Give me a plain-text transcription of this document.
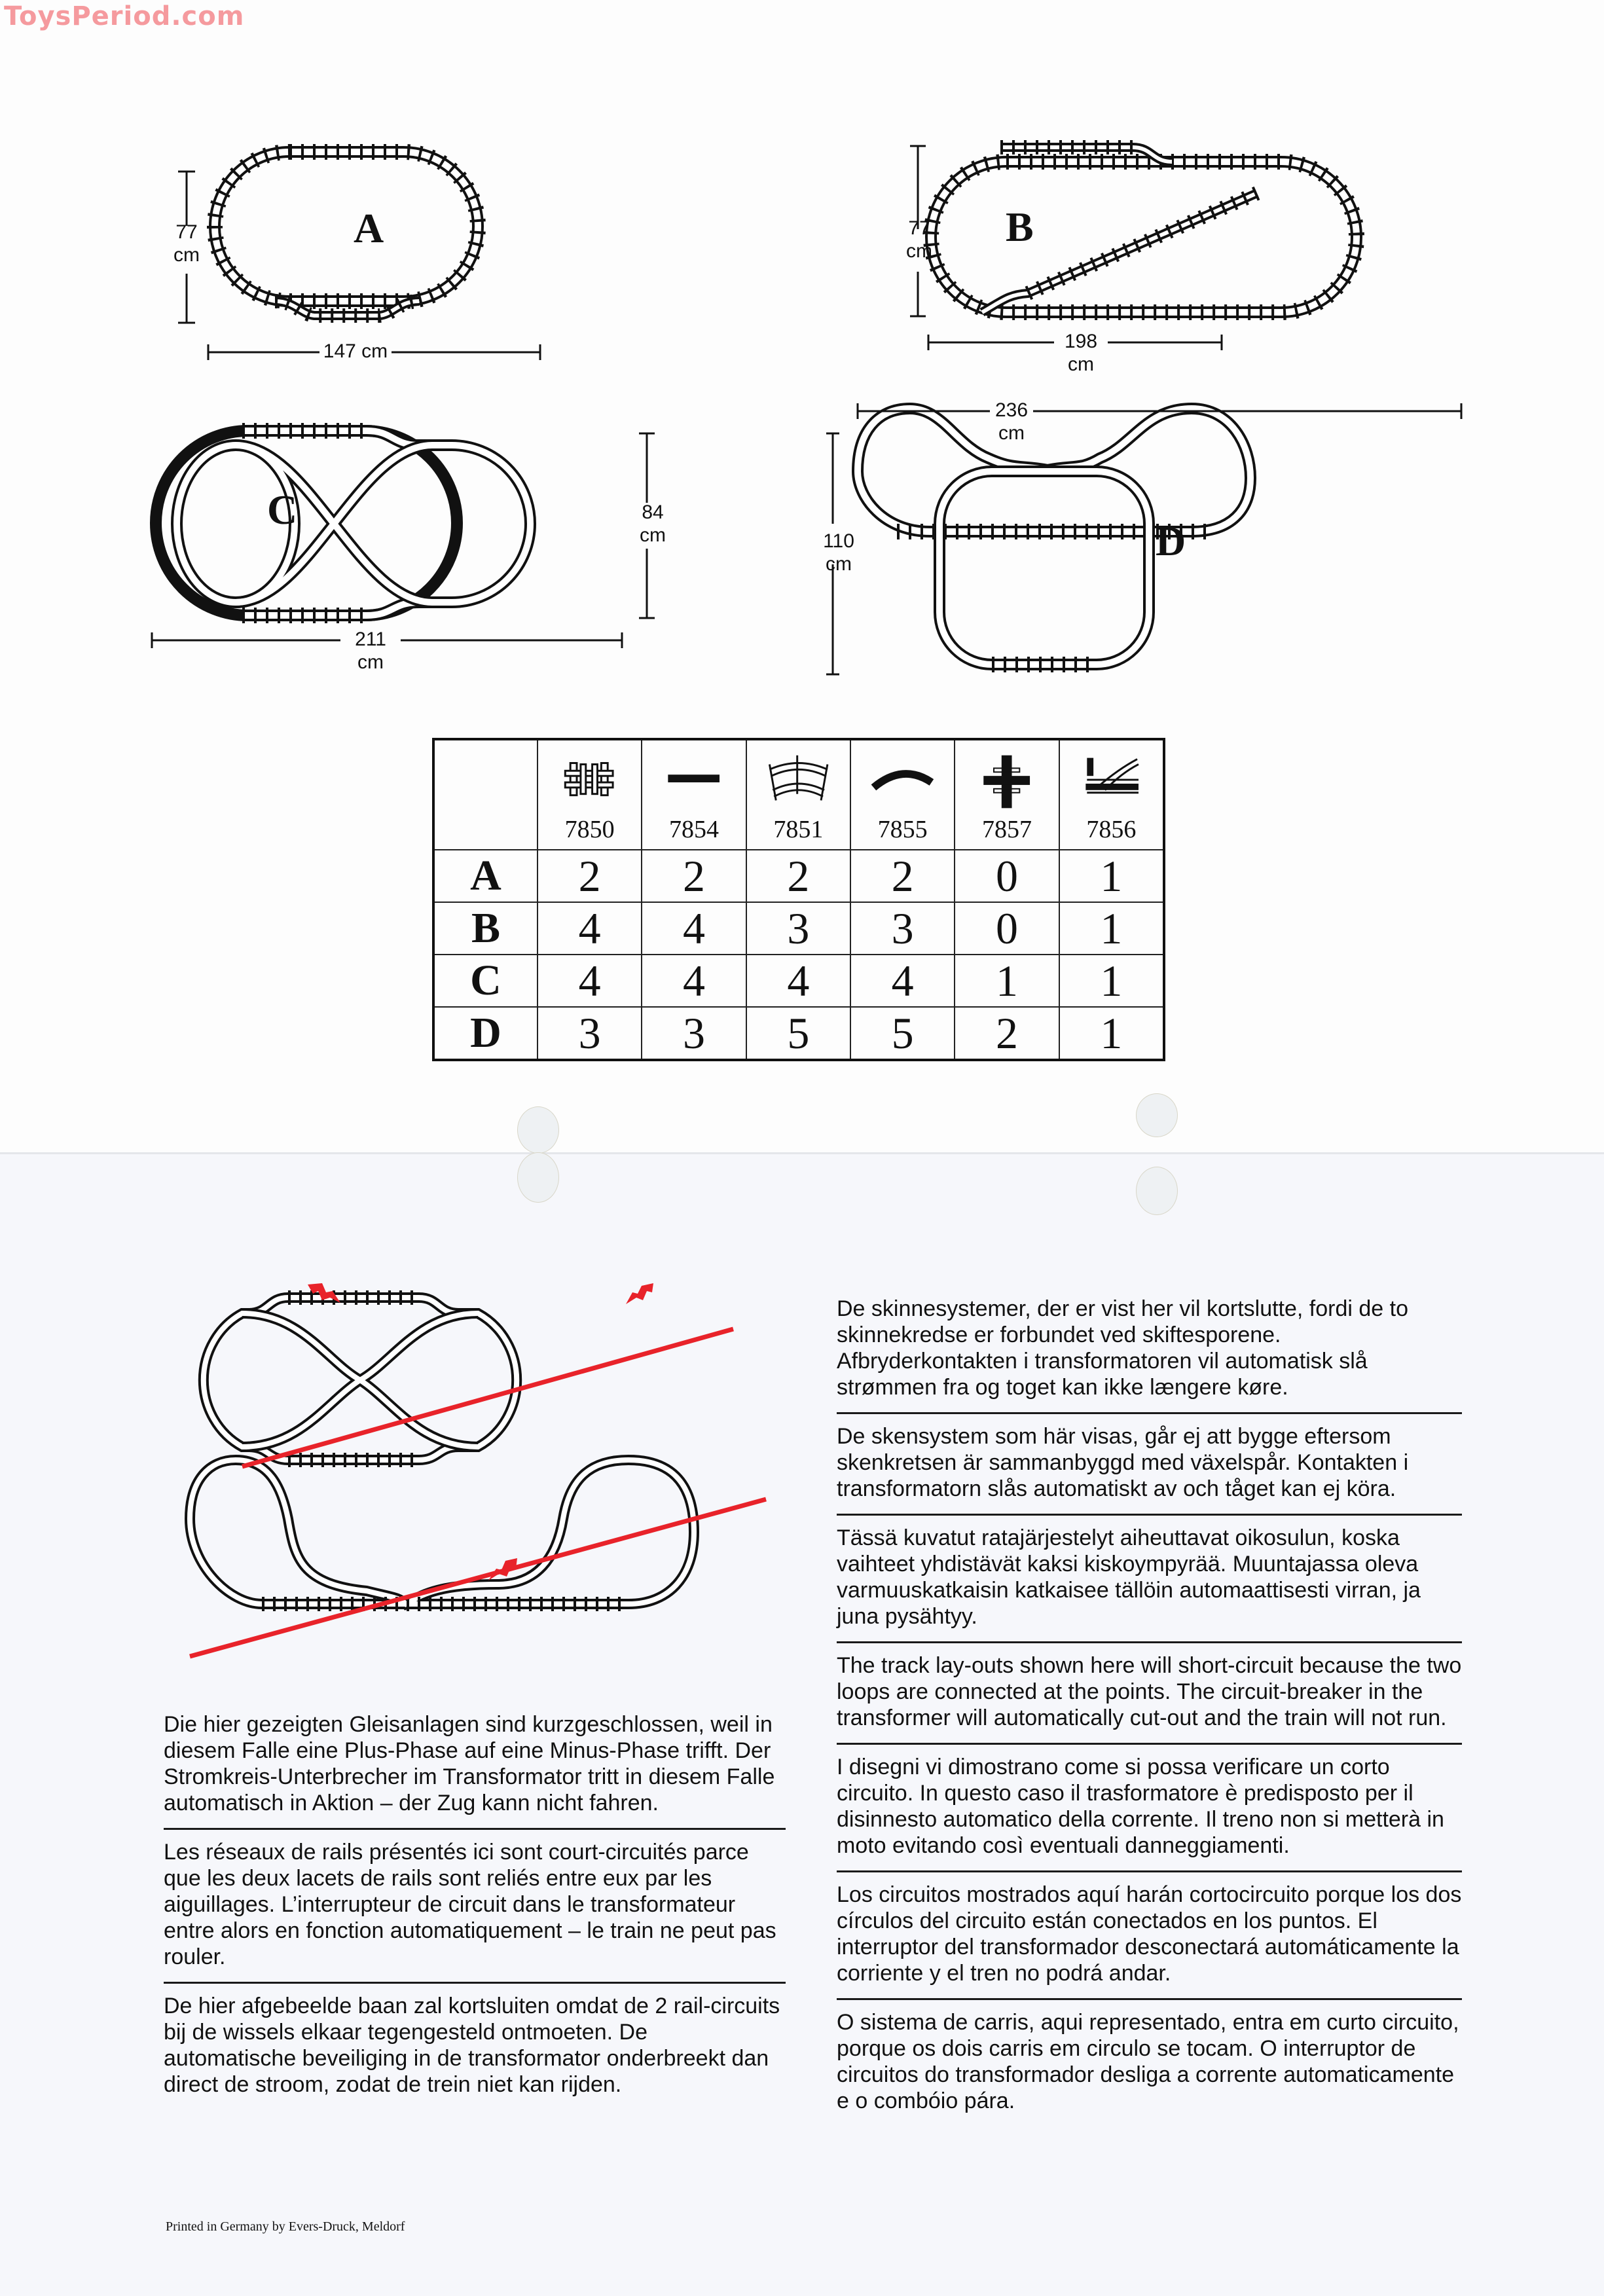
ToysPeriod.com
A
77
cm
147 cm
B
77
cm
198 cm
C	84
cm
211 cm
D
110
cm
236 cm

	7850	7854	7851	7855	7857	7856

A	2	2	2	2	0	1
B	4	4	3	3	0	1
C	4	4	4	4	1	1
D	3	3	5	5	2	1

Die hier gezeigten Gleisanlagen sind kurzgeschlossen, weil in diesem Falle eine Plus-Phase auf eine Minus-Phase trifft. Der Stromkreis-Unterbrecher im Transformator tritt in diesem Falle automatisch in Aktion – der Zug kann nicht fahren.

Les réseaux de rails présentés ici sont court-circuités parce que les deux lacets de rails sont reliés entre eux par les aiguillages. L’interrupteur de circuit dans le transformateur entre alors en fonction automatiquement – le train ne peut pas rouler.

De hier afgebeelde baan zal kortsluiten omdat de 2 rail-circuits bij de wissels elkaar tegengesteld ontmoeten. De automatische beveiliging in de transformator onderbreekt dan direct de stroom, zodat de trein niet kan rijden.

De skinnesystemer, der er vist her vil kortslutte, fordi de to skinnekredse er forbundet ved skiftesporene. Afbryderkontakten i transformatoren vil automatisk slå strømmen fra og toget kan ikke længere køre.

De skensystem som här visas, går ej att bygge eftersom skenkretsen är sammanbyggd med växelspår. Kontakten i transformatorn slås automatiskt av och tåget kan ej köra.

Tässä kuvatut ratajärjestelyt aiheuttavat oikosulun, koska vaihteet yhdistävät kaksi kiskoympyrää. Muuntajassa oleva varmuuskatkaisin katkaisee tällöin automaattisesti virran, ja juna pysähtyy.

The track lay-outs shown here will short-circuit because the two loops are connected at the points. The circuit-breaker in the transformer will automatically cut-out and the train will not run.

I disegni vi dimostrano come si possa verificare un corto circuito. In questo caso il trasformatore è predisposto per il disinnesto automatico della corrente. Il treno non si metterà in moto evitando così eventuali danneggiamenti.

Los circuitos mostrados aquí harán cortocircuito porque los dos círculos del circuito están conectados en los puntos. El interruptor del transformador desconectará automáticamente la corriente y el tren no podrá andar.

O sistema de carris, aqui representado, entra em curto circuito, porque os dois carris em circulo se tocam. O interruptor de circuitos do transformador desliga a corrente automaticamente e o combóio pára.

Printed in Germany by Evers-Druck, Meldorf
